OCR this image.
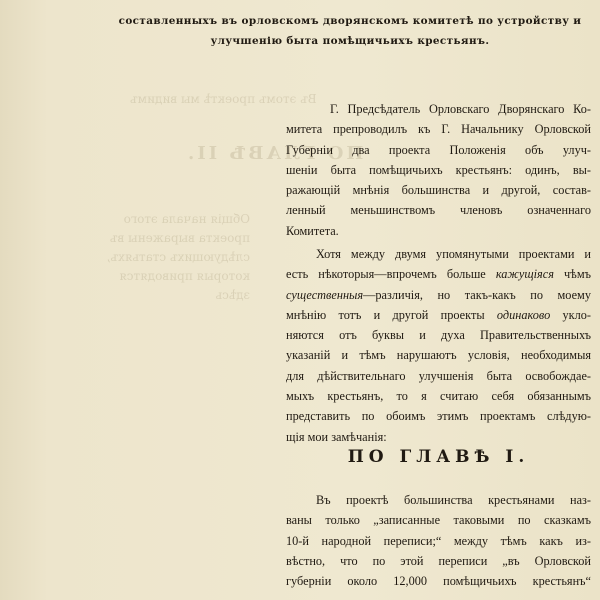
Въ этомъ проектѣ мы видимъ
ПО ГЛАВѢ II.
Общія начала этого проекта выражены въ слѣдующихъ статьяхъ, которыя приводятся здѣсь
составленныхъ въ орловскомъ дворянскомъ комитетѣ по устройству и
улучшенію быта помѣщичьихъ крестьянъ.
Г. Предсѣдатель Орловскаго Дворянскаго Ко-
митета препроводилъ къ Г. Начальнику Орловской
Губерніи два проекта Положенія объ улуч-
шеніи быта помѣщичьихъ крестьянъ: одинъ, вы-
ражающій мнѣнія большинства и другой, состав-
ленный меньшинствомъ членовъ означеннаго
Комитета.
Хотя между двумя упомянутыми проектами и
есть нѣкоторыя—впрочемъ больше кажущіяся чѣмъ
существенныя—различія, но такъ-какъ по моему
мнѣнію тотъ и другой проекты одинаково укло-
няются отъ буквы и духа Правительственныхъ
указаній и тѣмъ нарушаютъ условія, необходимыя
для дѣйствительнаго улучшенія быта освобождае-
мыхъ крестьянъ, то я считаю себя обязаннымъ
представить по обоимъ этимъ проектамъ слѣдую-
щія мои замѣчанія:
ПО ГЛАВѢ I.
Въ проектѣ большинства крестьянами наз-
ваны только „записанные таковыми по сказкамъ
10-й народной переписи;“ между тѣмъ какъ из-
вѣстно, что по этой переписи „въ Орловской
губерніи около 12,000 помѣщичьихъ крестьянъ“
